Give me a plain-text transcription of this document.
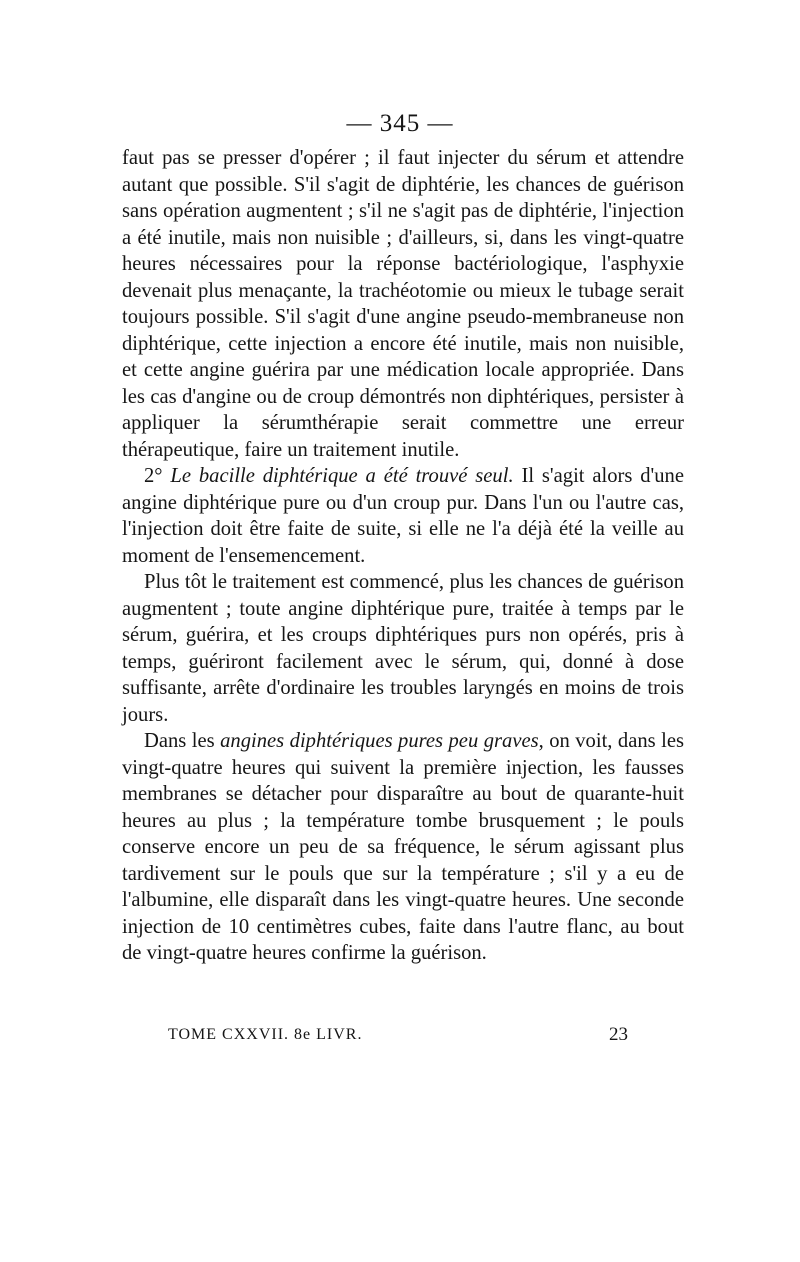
— 345 —

faut pas se presser d'opérer ; il faut injecter du sérum et attendre autant que possible. S'il s'agit de diphtérie, les chances de guérison sans opération augmentent ; s'il ne s'agit pas de diphtérie, l'injection a été inutile, mais non nuisible ; d'ailleurs, si, dans les vingt-quatre heures nécessaires pour la réponse bactériologique, l'asphyxie devenait plus menaçante, la trachéotomie ou mieux le tubage serait toujours possible. S'il s'agit d'une angine pseudo-membraneuse non diphtérique, cette injection a encore été inutile, mais non nuisible, et cette angine guérira par une médication locale appropriée. Dans les cas d'angine ou de croup démontrés non diphtériques, persister à appliquer la sérumthérapie serait commettre une erreur thérapeutique, faire un traitement inutile.

2° Le bacille diphtérique a été trouvé seul. Il s'agit alors d'une angine diphtérique pure ou d'un croup pur. Dans l'un ou l'autre cas, l'injection doit être faite de suite, si elle ne l'a déjà été la veille au moment de l'ensemencement.

Plus tôt le traitement est commencé, plus les chances de guérison augmentent ; toute angine diphtérique pure, traitée à temps par le sérum, guérira, et les croups diphtériques purs non opérés, pris à temps, guériront facilement avec le sérum, qui, donné à dose suffisante, arrête d'ordinaire les troubles laryngés en moins de trois jours.

Dans les angines diphtériques pures peu graves, on voit, dans les vingt-quatre heures qui suivent la première injection, les fausses membranes se détacher pour disparaître au bout de quarante-huit heures au plus ; la température tombe brusquement ; le pouls conserve encore un peu de sa fréquence, le sérum agissant plus tardivement sur le pouls que sur la température ; s'il y a eu de l'albumine, elle disparaît dans les vingt-quatre heures. Une seconde injection de 10 centimètres cubes, faite dans l'autre flanc, au bout de vingt-quatre heures confirme la guérison.

TOME CXXVII. 8e LIVR.	23
